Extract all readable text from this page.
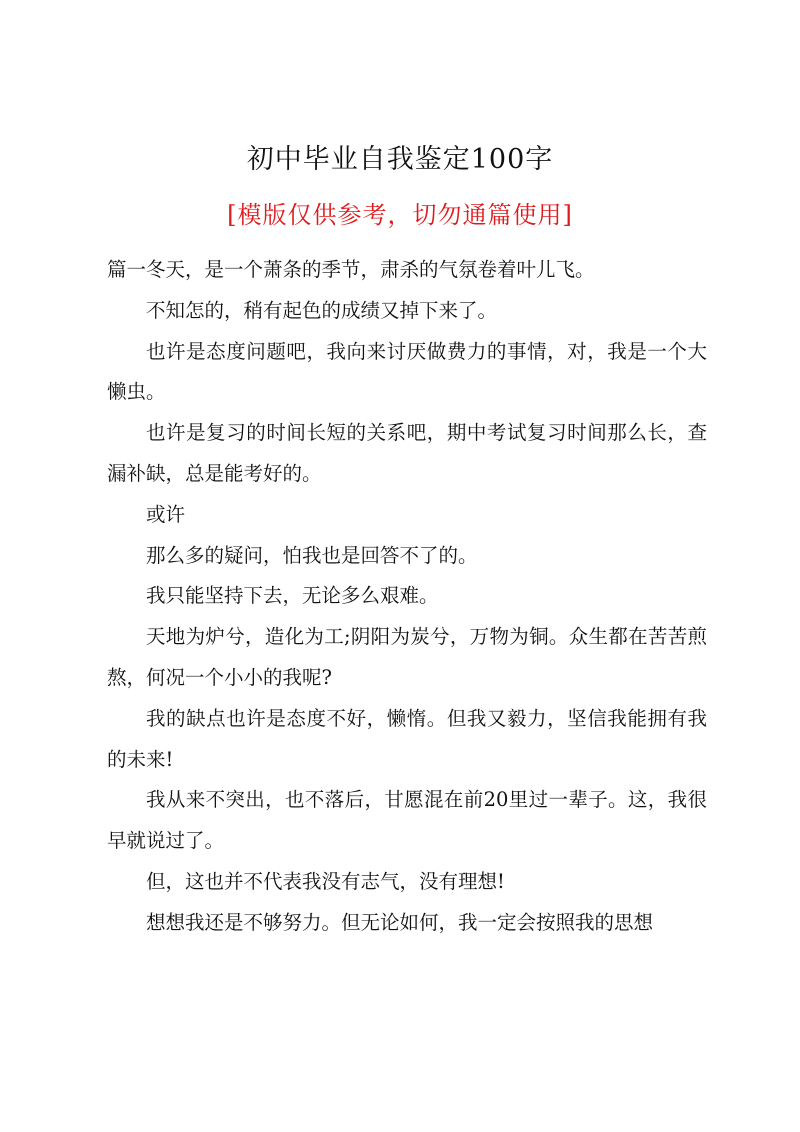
初中毕业自我鉴定100字
[模版仅供参考，切勿通篇使用]

篇一冬天，是一个萧条的季节，肃杀的气氛卷着叶儿飞。

不知怎的，稍有起色的成绩又掉下来了。

也许是态度问题吧，我向来讨厌做费力的事情，对，我是一个大懒虫。

也许是复习的时间长短的关系吧，期中考试复习时间那么长，查漏补缺，总是能考好的。

或许

那么多的疑问，怕我也是回答不了的。

我只能坚持下去，无论多么艰难。

天地为炉兮，造化为工;阴阳为炭兮，万物为铜。众生都在苦苦煎熬，何况一个小小的我呢?

我的缺点也许是态度不好，懒惰。但我又毅力，坚信我能拥有我的未来!

我从来不突出，也不落后，甘愿混在前20里过一辈子。这，我很早就说过了。

但，这也并不代表我没有志气，没有理想!

想想我还是不够努力。但无论如何，我一定会按照我的思想
